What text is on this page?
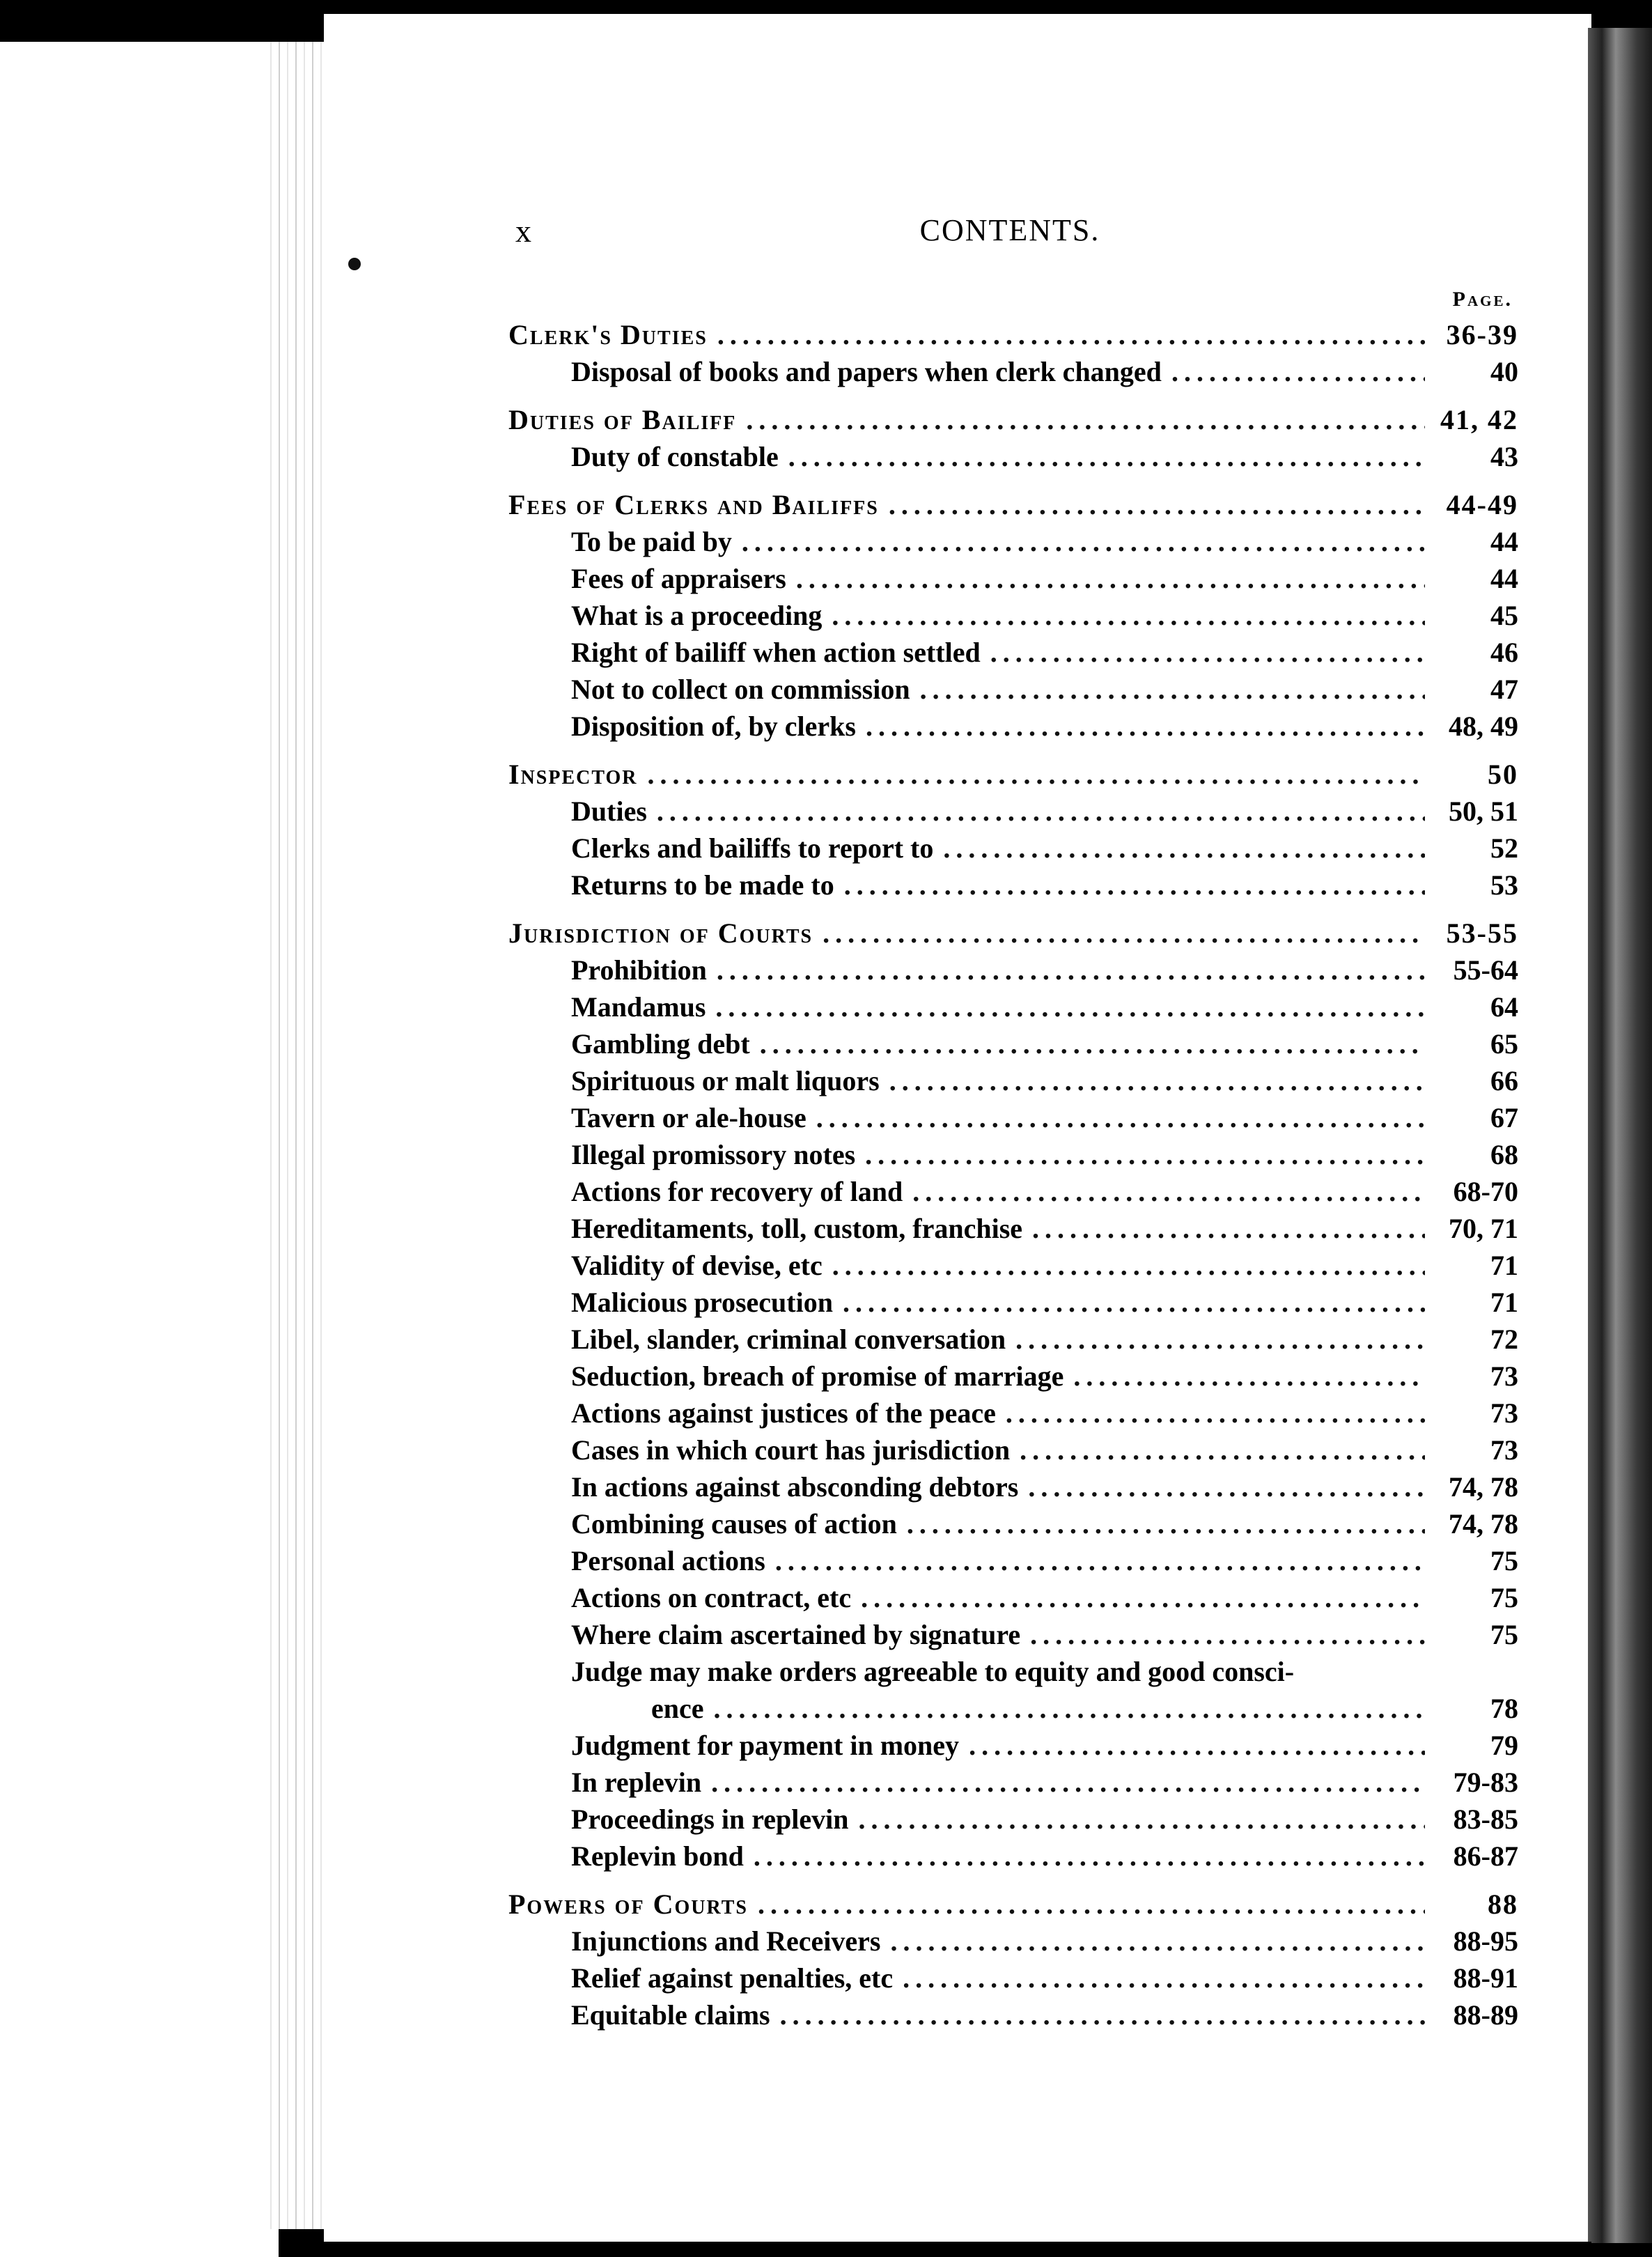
x	CONTENTS.
Page.
Clerk's Duties .....	36-39
Disposal of books and papers when clerk changed .....	40
Duties of Bailiff .....	41, 42
Duty of constable .....	43
Fees of Clerks and Bailiffs .....	44-49
To be paid by .....	44
Fees of appraisers .....	44
What is a proceeding .....	45
Right of bailiff when action settled .....	46
Not to collect on commission .....	47
Disposition of, by clerks .....	48, 49
Inspector .....	50
Duties .....	50, 51
Clerks and bailiffs to report to .....	52
Returns to be made to .....	53
Jurisdiction of Courts .....	53-55
Prohibition .....	55-64
Mandamus .....	64
Gambling debt .....	65
Spirituous or malt liquors .....	66
Tavern or ale-house .....	67
Illegal promissory notes .....	68
Actions for recovery of land .....	68-70
Hereditaments, toll, custom, franchise .....	70, 71
Validity of devise, etc .....	71
Malicious prosecution .....	71
Libel, slander, criminal conversation .....	72
Seduction, breach of promise of marriage .....	73
Actions against justices of the peace .....	73
Cases in which court has jurisdiction .....	73
In actions against absconding debtors .....	74, 78
Combining causes of action .....	74, 78
Personal actions .....	75
Actions on contract, etc .....	75
Where claim ascertained by signature .....	75
Judge may make orders agreeable to equity and good consci-
ence .....	78
Judgment for payment in money .....	79
In replevin .....	79-83
Proceedings in replevin .....	83-85
Replevin bond .....	86-87
Powers of Courts .....	88
Injunctions and Receivers .....	88-95
Relief against penalties, etc .....	88-91
Equitable claims .....	88-89
